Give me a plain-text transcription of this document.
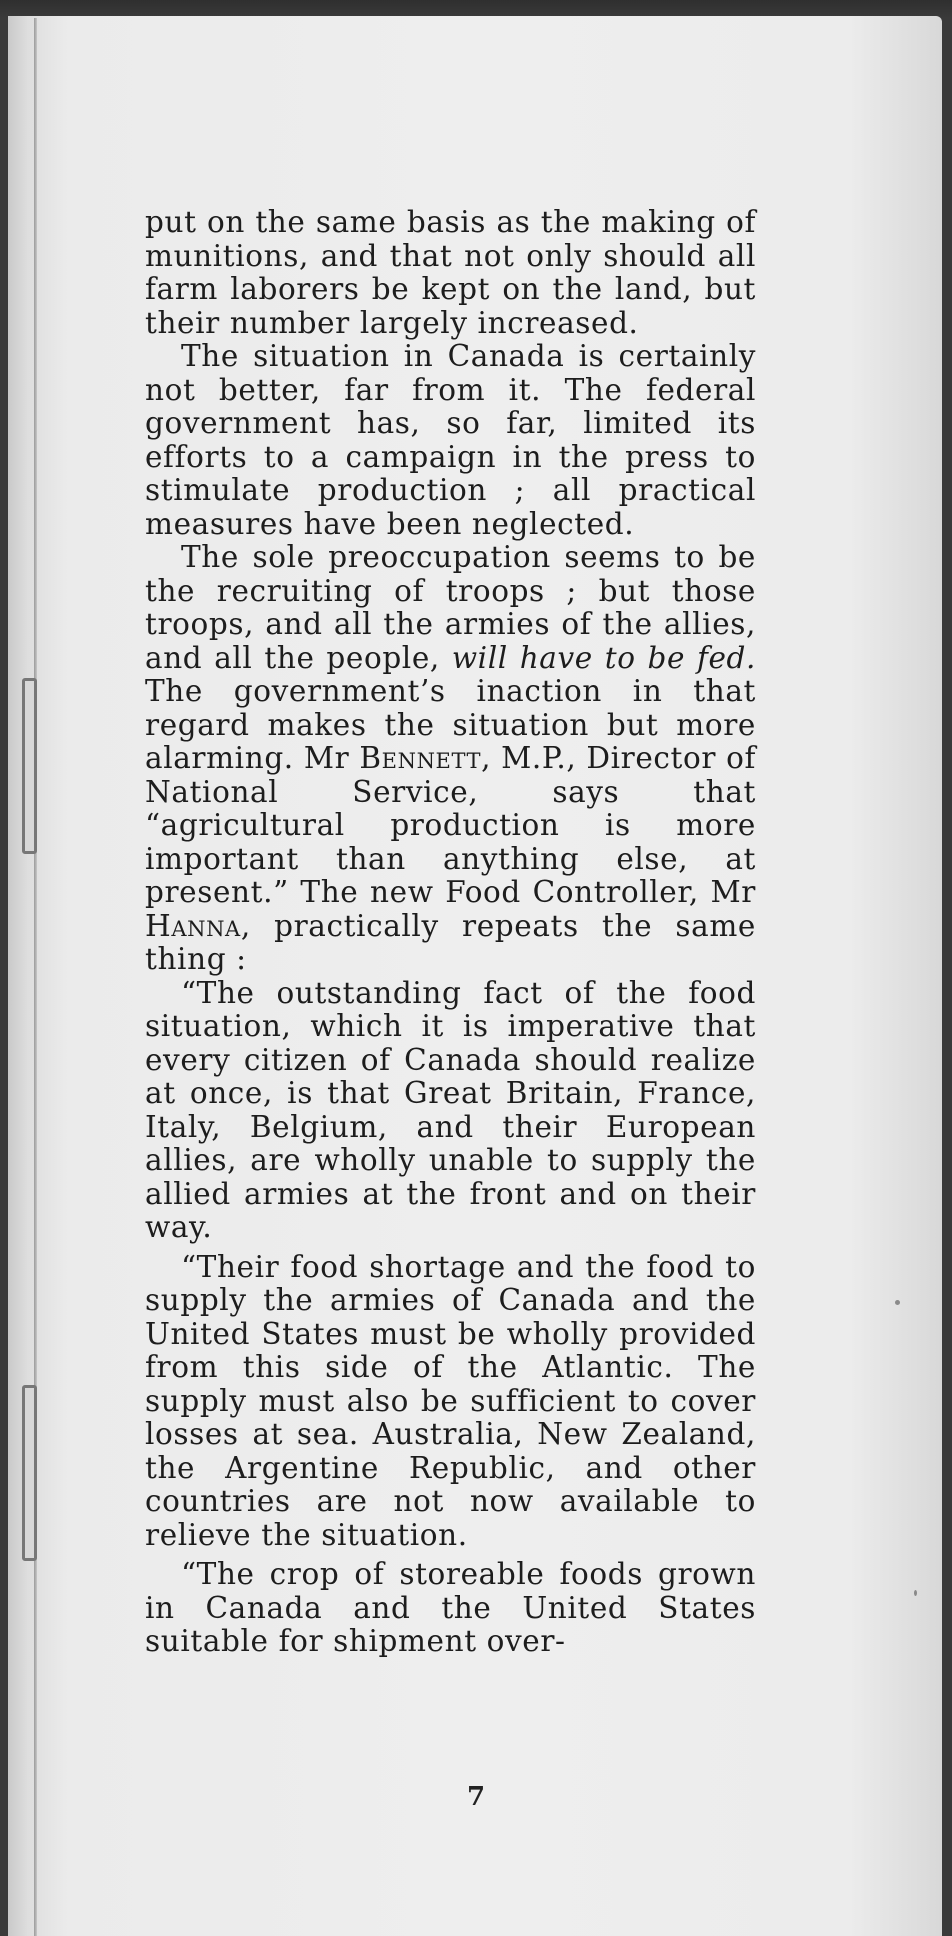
put on the same basis as the making of munitions, and that not only should all farm laborers be kept on the land, but their number largely increased.

The situation in Canada is certainly not better, far from it. The federal government has, so far, limited its efforts to a campaign in the press to stimulate production ; all practical measures have been neglected.

The sole preoccupation seems to be the recruiting of troops ; but those troops, and all the armies of the allies, and all the people, will have to be fed. The government’s inaction in that regard makes the situation but more alarming. Mr Bennett, M.P., Director of National Service, says that “agricultural production is more important than anything else, at present.” The new Food Controller, Mr Hanna, practically repeats the same thing :

“The outstanding fact of the food situation, which it is imperative that every citizen of Canada should realize at once, is that Great Britain, France, Italy, Belgium, and their European allies, are wholly unable to supply the allied armies at the front and on their way.

“Their food shortage and the food to supply the armies of Canada and the United States must be wholly provided from this side of the Atlantic. The supply must also be sufficient to cover losses at sea. Australia, New Zealand, the Argentine Republic, and other countries are not now available to relieve the situation.

“The crop of storeable foods grown in Canada and the United States suitable for shipment over-

7
